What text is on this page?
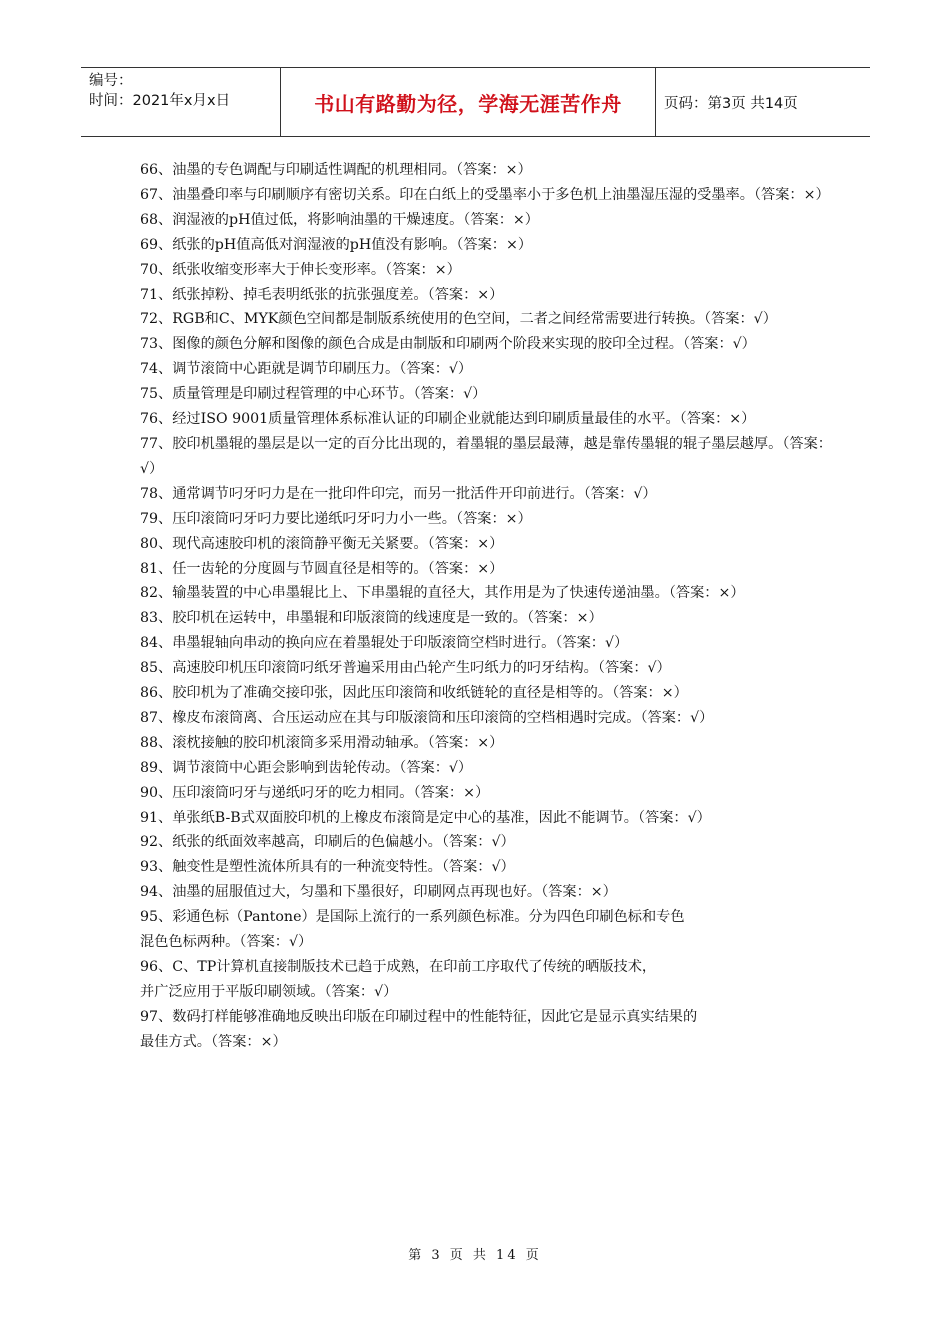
编号：
时间：2021年x月x日	书山有路勤为径，学海无涯苦作舟	页码：第3页 共14页

66、油墨的专色调配与印刷适性调配的机理相同。（答案：×）

67、油墨叠印率与印刷顺序有密切关系。印在白纸上的受墨率小于多色机上油墨湿压湿的受墨率。（答案：×）

68、润湿液的pH值过低，将影响油墨的干燥速度。（答案：×）

69、纸张的pH值高低对润湿液的pH值没有影响。（答案：×）

70、纸张收缩变形率大于伸长变形率。（答案：×）

71、纸张掉粉、掉毛表明纸张的抗张强度差。（答案：×）

72、RGB和C、MYK颜色空间都是制版系统使用的色空间，二者之间经常需要进行转换。（答案：√）

73、图像的颜色分解和图像的颜色合成是由制版和印刷两个阶段来实现的胶印全过程。（答案：√）

74、调节滚筒中心距就是调节印刷压力。（答案：√）

75、质量管理是印刷过程管理的中心环节。（答案：√）

76、经过ISO 9001质量管理体系标准认证的印刷企业就能达到印刷质量最佳的水平。（答案：×）

77、胶印机墨辊的墨层是以一定的百分比出现的，着墨辊的墨层最薄，越是靠传墨辊的辊子墨层越厚。（答案：√）

78、通常调节叼牙叼力是在一批印件印完，而另一批活件开印前进行。（答案：√）

79、压印滚筒叼牙叼力要比递纸叼牙叼力小一些。（答案：×）

80、现代高速胶印机的滚筒静平衡无关紧要。（答案：×）

81、任一齿轮的分度圆与节圆直径是相等的。（答案：×）

82、输墨装置的中心串墨辊比上、下串墨辊的直径大，其作用是为了快速传递油墨。（答案：×）

83、胶印机在运转中，串墨辊和印版滚筒的线速度是一致的。（答案：×）

84、串墨辊轴向串动的换向应在着墨辊处于印版滚筒空档时进行。（答案：√）

85、高速胶印机压印滚筒叼纸牙普遍采用由凸轮产生叼纸力的叼牙结构。（答案：√）

86、胶印机为了准确交接印张，因此压印滚筒和收纸链轮的直径是相等的。（答案：×）

87、橡皮布滚筒离、合压运动应在其与印版滚筒和压印滚筒的空档相遇时完成。（答案：√）

88、滚枕接触的胶印机滚筒多采用滑动轴承。（答案：×）

89、调节滚筒中心距会影响到齿轮传动。（答案：√）

90、压印滚筒叼牙与递纸叼牙的吃力相同。（答案：×）

91、单张纸B-B式双面胶印机的上橡皮布滚筒是定中心的基准，因此不能调节。（答案：√）

92、纸张的纸面效率越高，印刷后的色偏越小。（答案：√）

93、触变性是塑性流体所具有的一种流变特性。（答案：√）

94、油墨的屈服值过大，匀墨和下墨很好，印刷网点再现也好。（答案：×）

95、彩通色标（Pantone）是国际上流行的一系列颜色标准。分为四色印刷色标和专色

混色色标两种。（答案：√）

96、C、TP计算机直接制版技术已趋于成熟，在印前工序取代了传统的晒版技术，

并广泛应用于平版印刷领域。（答案：√）

97、数码打样能够准确地反映出印版在印刷过程中的性能特征，因此它是显示真实结果的

最佳方式。（答案：×）

第 3 页 共 14 页
